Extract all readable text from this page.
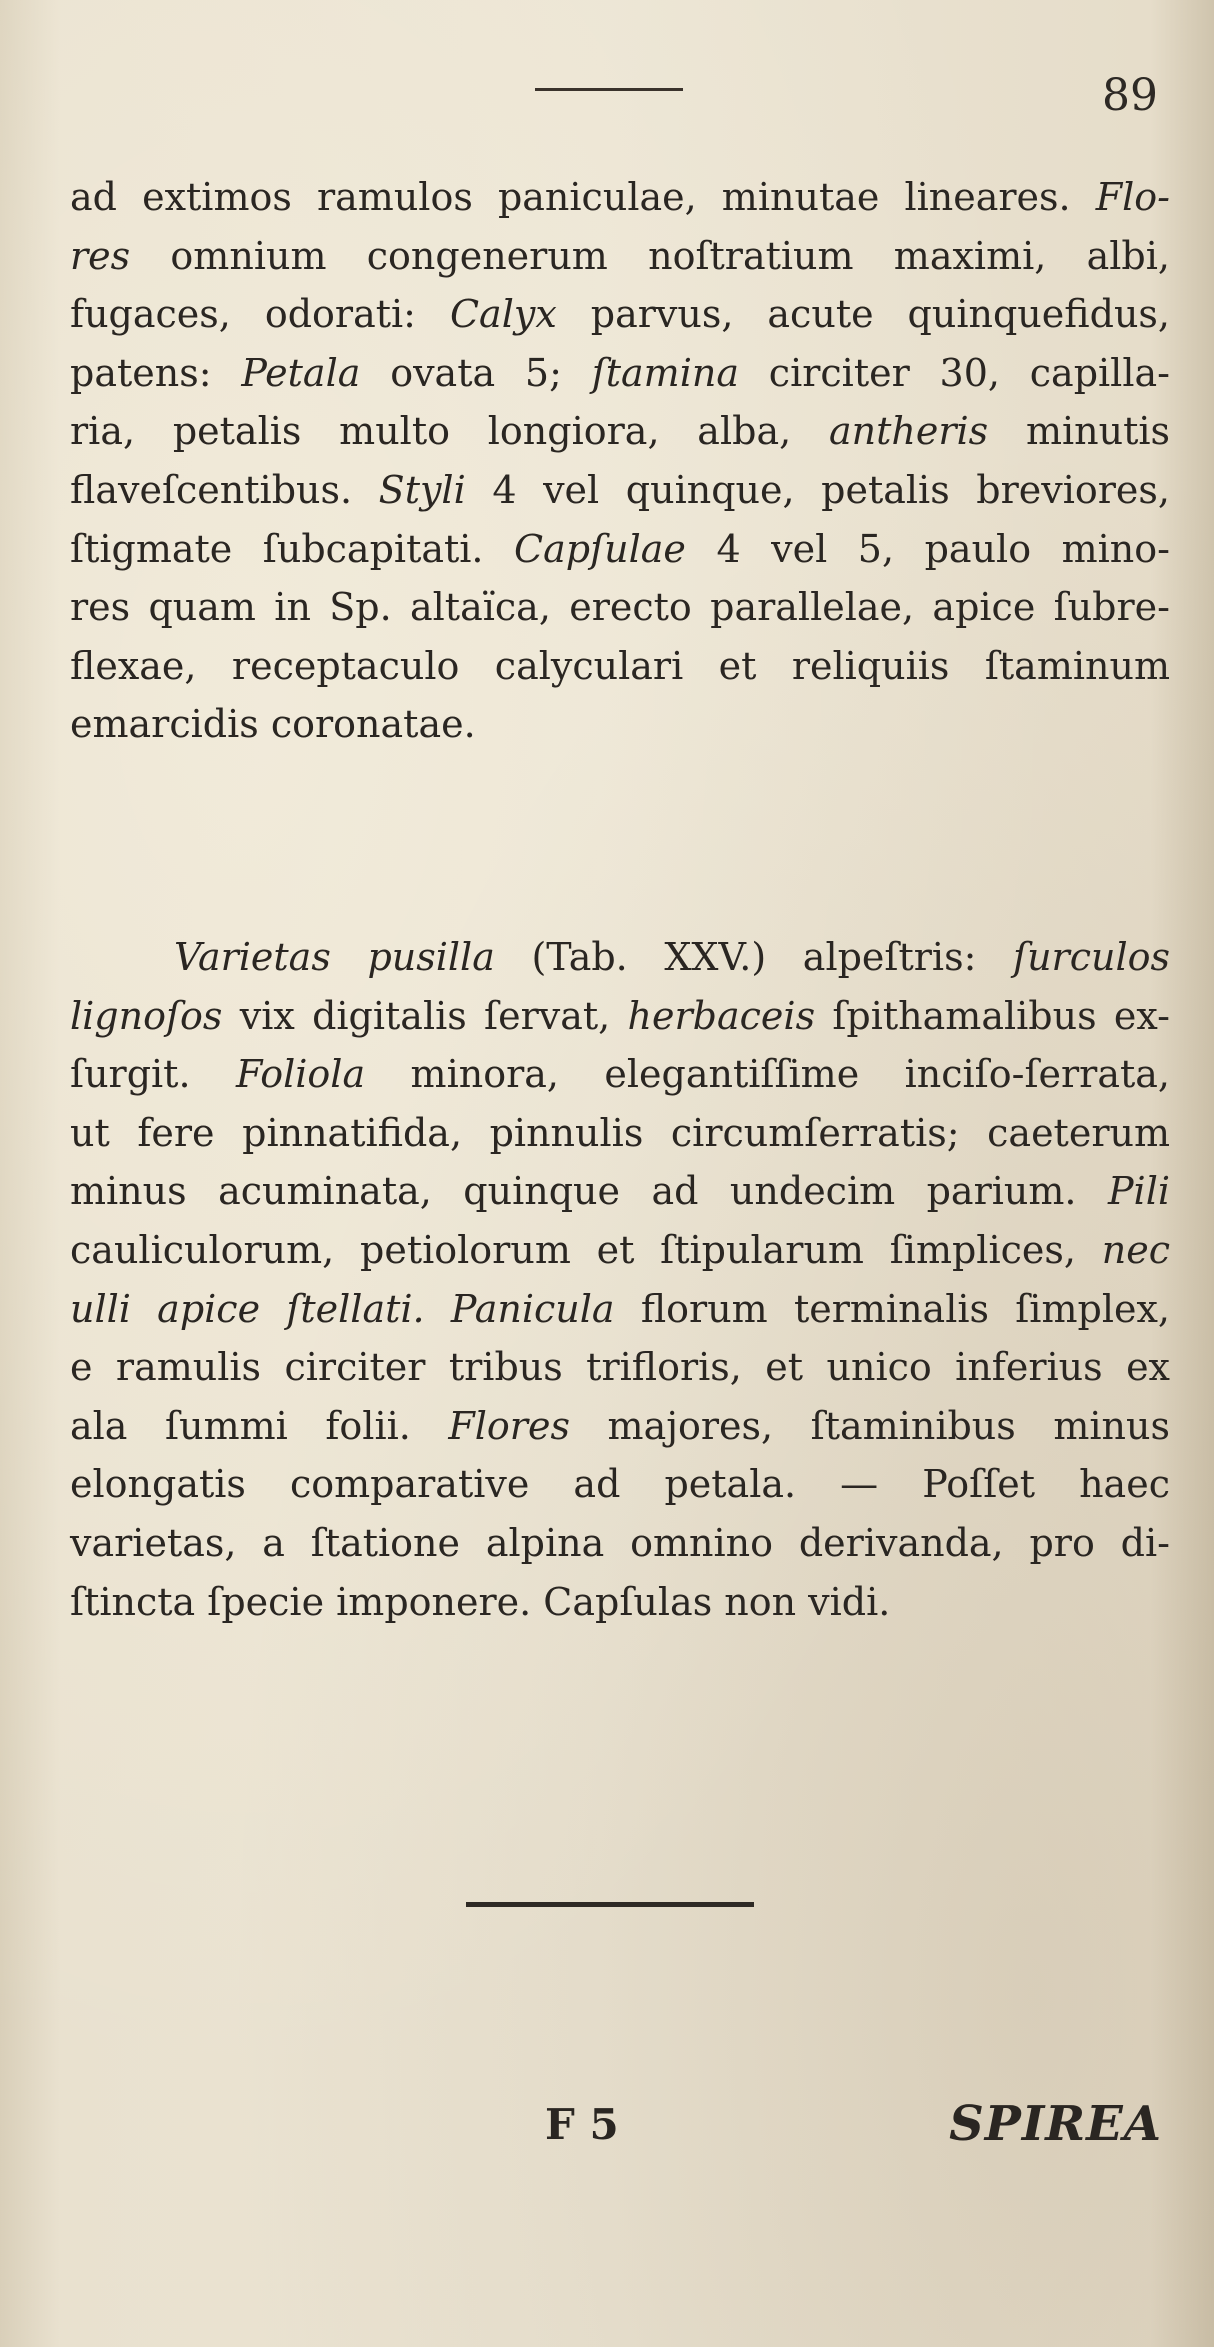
89
ad extimos ramulos paniculae, minutae lineares. Flo-
res omnium congenerum noſtratium maximi, albi,
fugaces, odorati: Calyx parvus, acute quinquefidus,
patens: Petala ovata 5; ſtamina circiter 30, capilla-
ria, petalis multo longiora, alba, antheris minutis
flaveſcentibus. Styli 4 vel quinque, petalis breviores,
ſtigmate ſubcapitati. Capſulae 4 vel 5, paulo mino-
res quam in Sp. altaïca, erecto parallelae, apice ſubre-
flexae, receptaculo calyculari et reliquiis ſtaminum
emarcidis coronatae.
Varietas pusilla (Tab. XXV.) alpeſtris: ſurculos
lignoſos vix digitalis ſervat, herbaceis ſpithamalibus ex-
ſurgit. Foliola minora, elegantiſſime inciſo-ſerrata,
ut fere pinnatifida, pinnulis circumſerratis; caeterum
minus acuminata, quinque ad undecim parium. Pili
cauliculorum, petiolorum et ſtipularum ſimplices, nec
ulli apice ſtellati. Panicula florum terminalis ſimplex,
e ramulis circiter tribus trifloris, et unico inferius ex
ala ſummi folii. Flores majores, ſtaminibus minus
elongatis comparative ad petala. — Poſſet haec
varietas, a ſtatione alpina omnino derivanda, pro di-
ſtincta ſpecie imponere. Capſulas non vidi.
F 5	SPIREA
